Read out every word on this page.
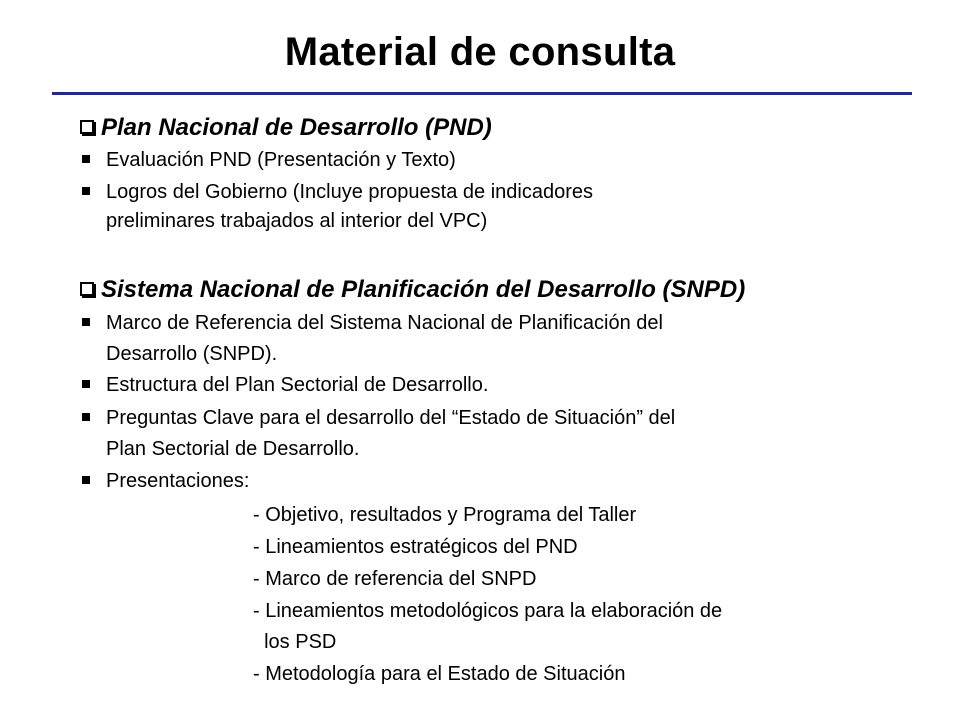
Material de consulta
Plan Nacional de Desarrollo (PND)
Evaluación PND (Presentación y Texto)
Logros del Gobierno (Incluye propuesta de indicadores
preliminares trabajados al interior del VPC)
Sistema Nacional de Planificación del Desarrollo (SNPD)
Marco de Referencia del Sistema Nacional de Planificación del
Desarrollo (SNPD).
Estructura del Plan Sectorial de Desarrollo.
Preguntas Clave para el desarrollo del “Estado de Situación” del
Plan Sectorial de Desarrollo.
Presentaciones:
- Objetivo, resultados y Programa del Taller
- Lineamientos estratégicos del PND
- Marco de referencia del SNPD
- Lineamientos metodológicos para la elaboración de
los PSD
- Metodología para el Estado de Situación
